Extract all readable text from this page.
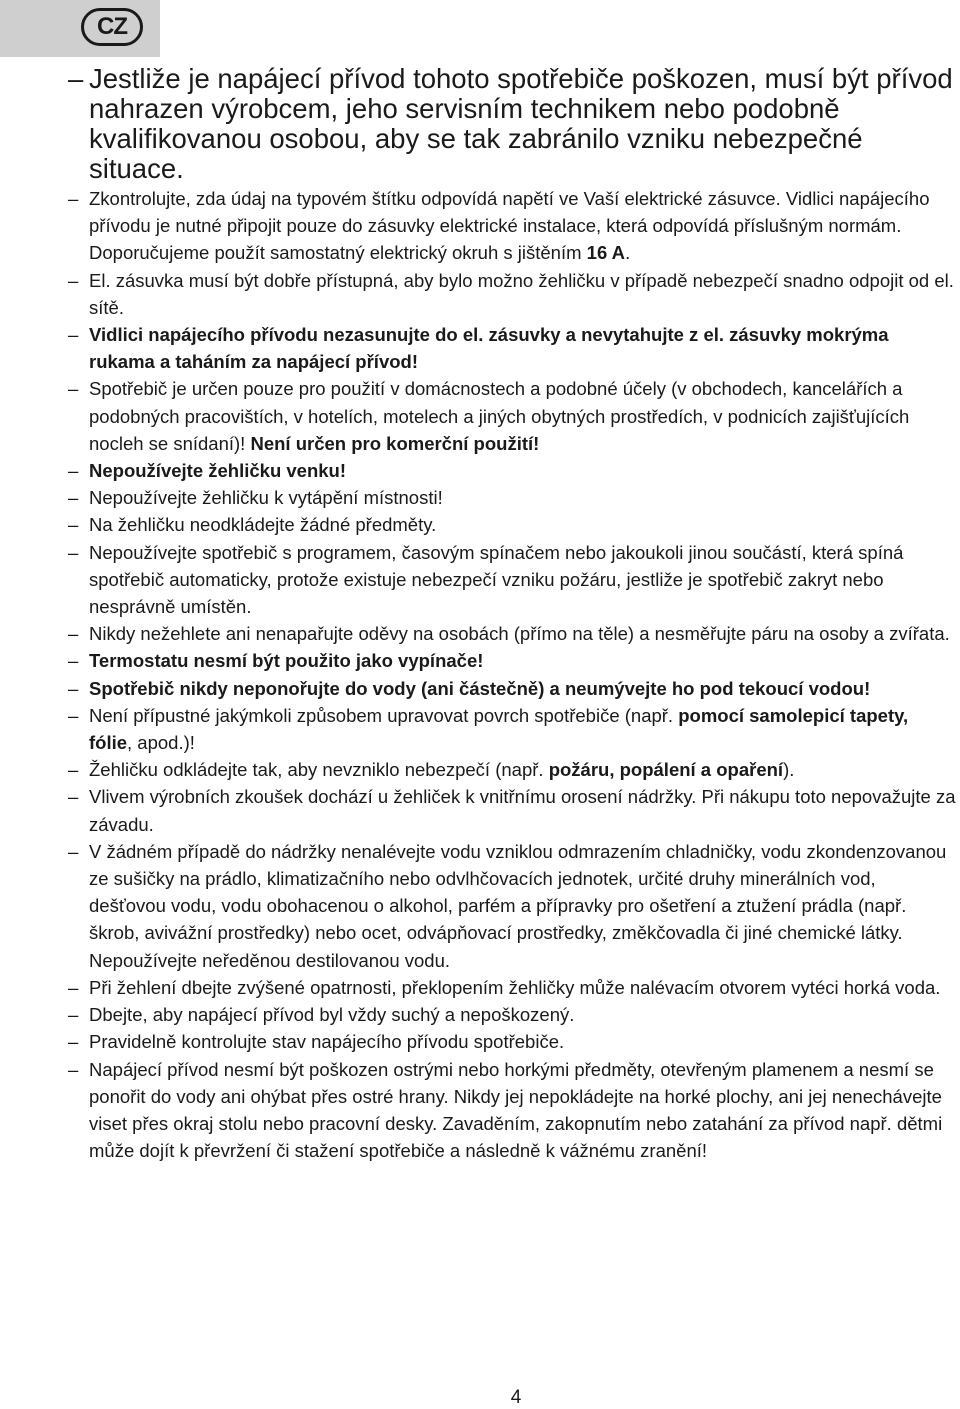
CZ
– Jestliže je napájecí přívod tohoto spotřebiče poškozen, musí být přívod nahrazen výrobcem, jeho servisním technikem nebo podobně kvalifikovanou osobou, aby se tak zabránilo vzniku nebezpečné situace.
– Zkontrolujte, zda údaj na typovém štítku odpovídá napětí ve Vaší elektrické zásuvce. Vidlici napájecího přívodu je nutné připojit pouze do zásuvky elektrické instalace, která odpovídá příslušným normám. Doporučujeme použít samostatný elektrický okruh s jištěním 16 A.
– El. zásuvka musí být dobře přístupná, aby bylo možno žehličku v případě nebezpečí snadno odpojit od el. sítě.
– Vidlici napájecího přívodu nezasunujte do el. zásuvky a nevytahujte z el. zásuvky mokrýma rukama a taháním za napájecí přívod!
– Spotřebič je určen pouze pro použití v domácnostech a podobné účely (v obchodech, kancelářích a podobných pracovištích, v hotelích, motelech a jiných obytných prostředích, v podnicích zajišťujících nocleh se snídaní)! Není určen pro komerční použití!
– Nepoužívejte žehličku venku!
– Nepoužívejte žehličku k vytápění místnosti!
– Na žehličku neodkládejte žádné předměty.
– Nepoužívejte spotřebič s programem, časovým spínačem nebo jakoukoli jinou součástí, která spíná spotřebič automaticky, protože existuje nebezpečí vzniku požáru, jestliže je spotřebič zakryt nebo nesprávně umístěn.
– Nikdy nežehlete ani nenapařujte oděvy na osobách (přímo na těle) a nesměřujte páru na osoby a zvířata.
– Termostatu nesmí být použito jako vypínače!
– Spotřebič nikdy neponořujte do vody (ani částečně) a neumývejte ho pod tekoucí vodou!
– Není přípustné jakýmkoli způsobem upravovat povrch spotřebiče (např. pomocí samolepicí tapety, fólie, apod.)!
– Žehličku odkládejte tak, aby nevzniklo nebezpečí (např. požáru, popálení a opaření).
– Vlivem výrobních zkoušek dochází u žehliček k vnitřnímu orosení nádržky. Při nákupu toto nepovažujte za závadu.
– V žádném případě do nádržky nenalévejte vodu vzniklou odmrazením chladničky, vodu zkondenzovanou ze sušičky na prádlo, klimatizačního nebo odvlhčovacích jednotek, určité druhy minerálních vod, dešťovou vodu, vodu obohacenou o alkohol, parfém a přípravky pro ošetření a ztužení prádla (např. škrob, avivážní prostředky) nebo ocet, odvápňovací prostředky, změkčovadla či jiné chemické látky. Nepoužívejte neředěnou destilovanou vodu.
– Při žehlení dbejte zvýšené opatrnosti, překlopením žehličky může nalévacím otvorem vytéci horká voda.
– Dbejte, aby napájecí přívod byl vždy suchý a nepoškozený.
– Pravidelně kontrolujte stav napájecího přívodu spotřebiče.
– Napájecí přívod nesmí být poškozen ostrými nebo horkými předměty, otevřeným plamenem a nesmí se ponořit do vody ani ohýbat přes ostré hrany. Nikdy jej nepokládejte na horké plochy, ani jej nenechávejte viset přes okraj stolu nebo pracovní desky. Zavaděním, zakopnutím nebo zatahání za přívod např. dětmi může dojít k převržení či stažení spotřebiče a následně k vážnému zranění!
4
